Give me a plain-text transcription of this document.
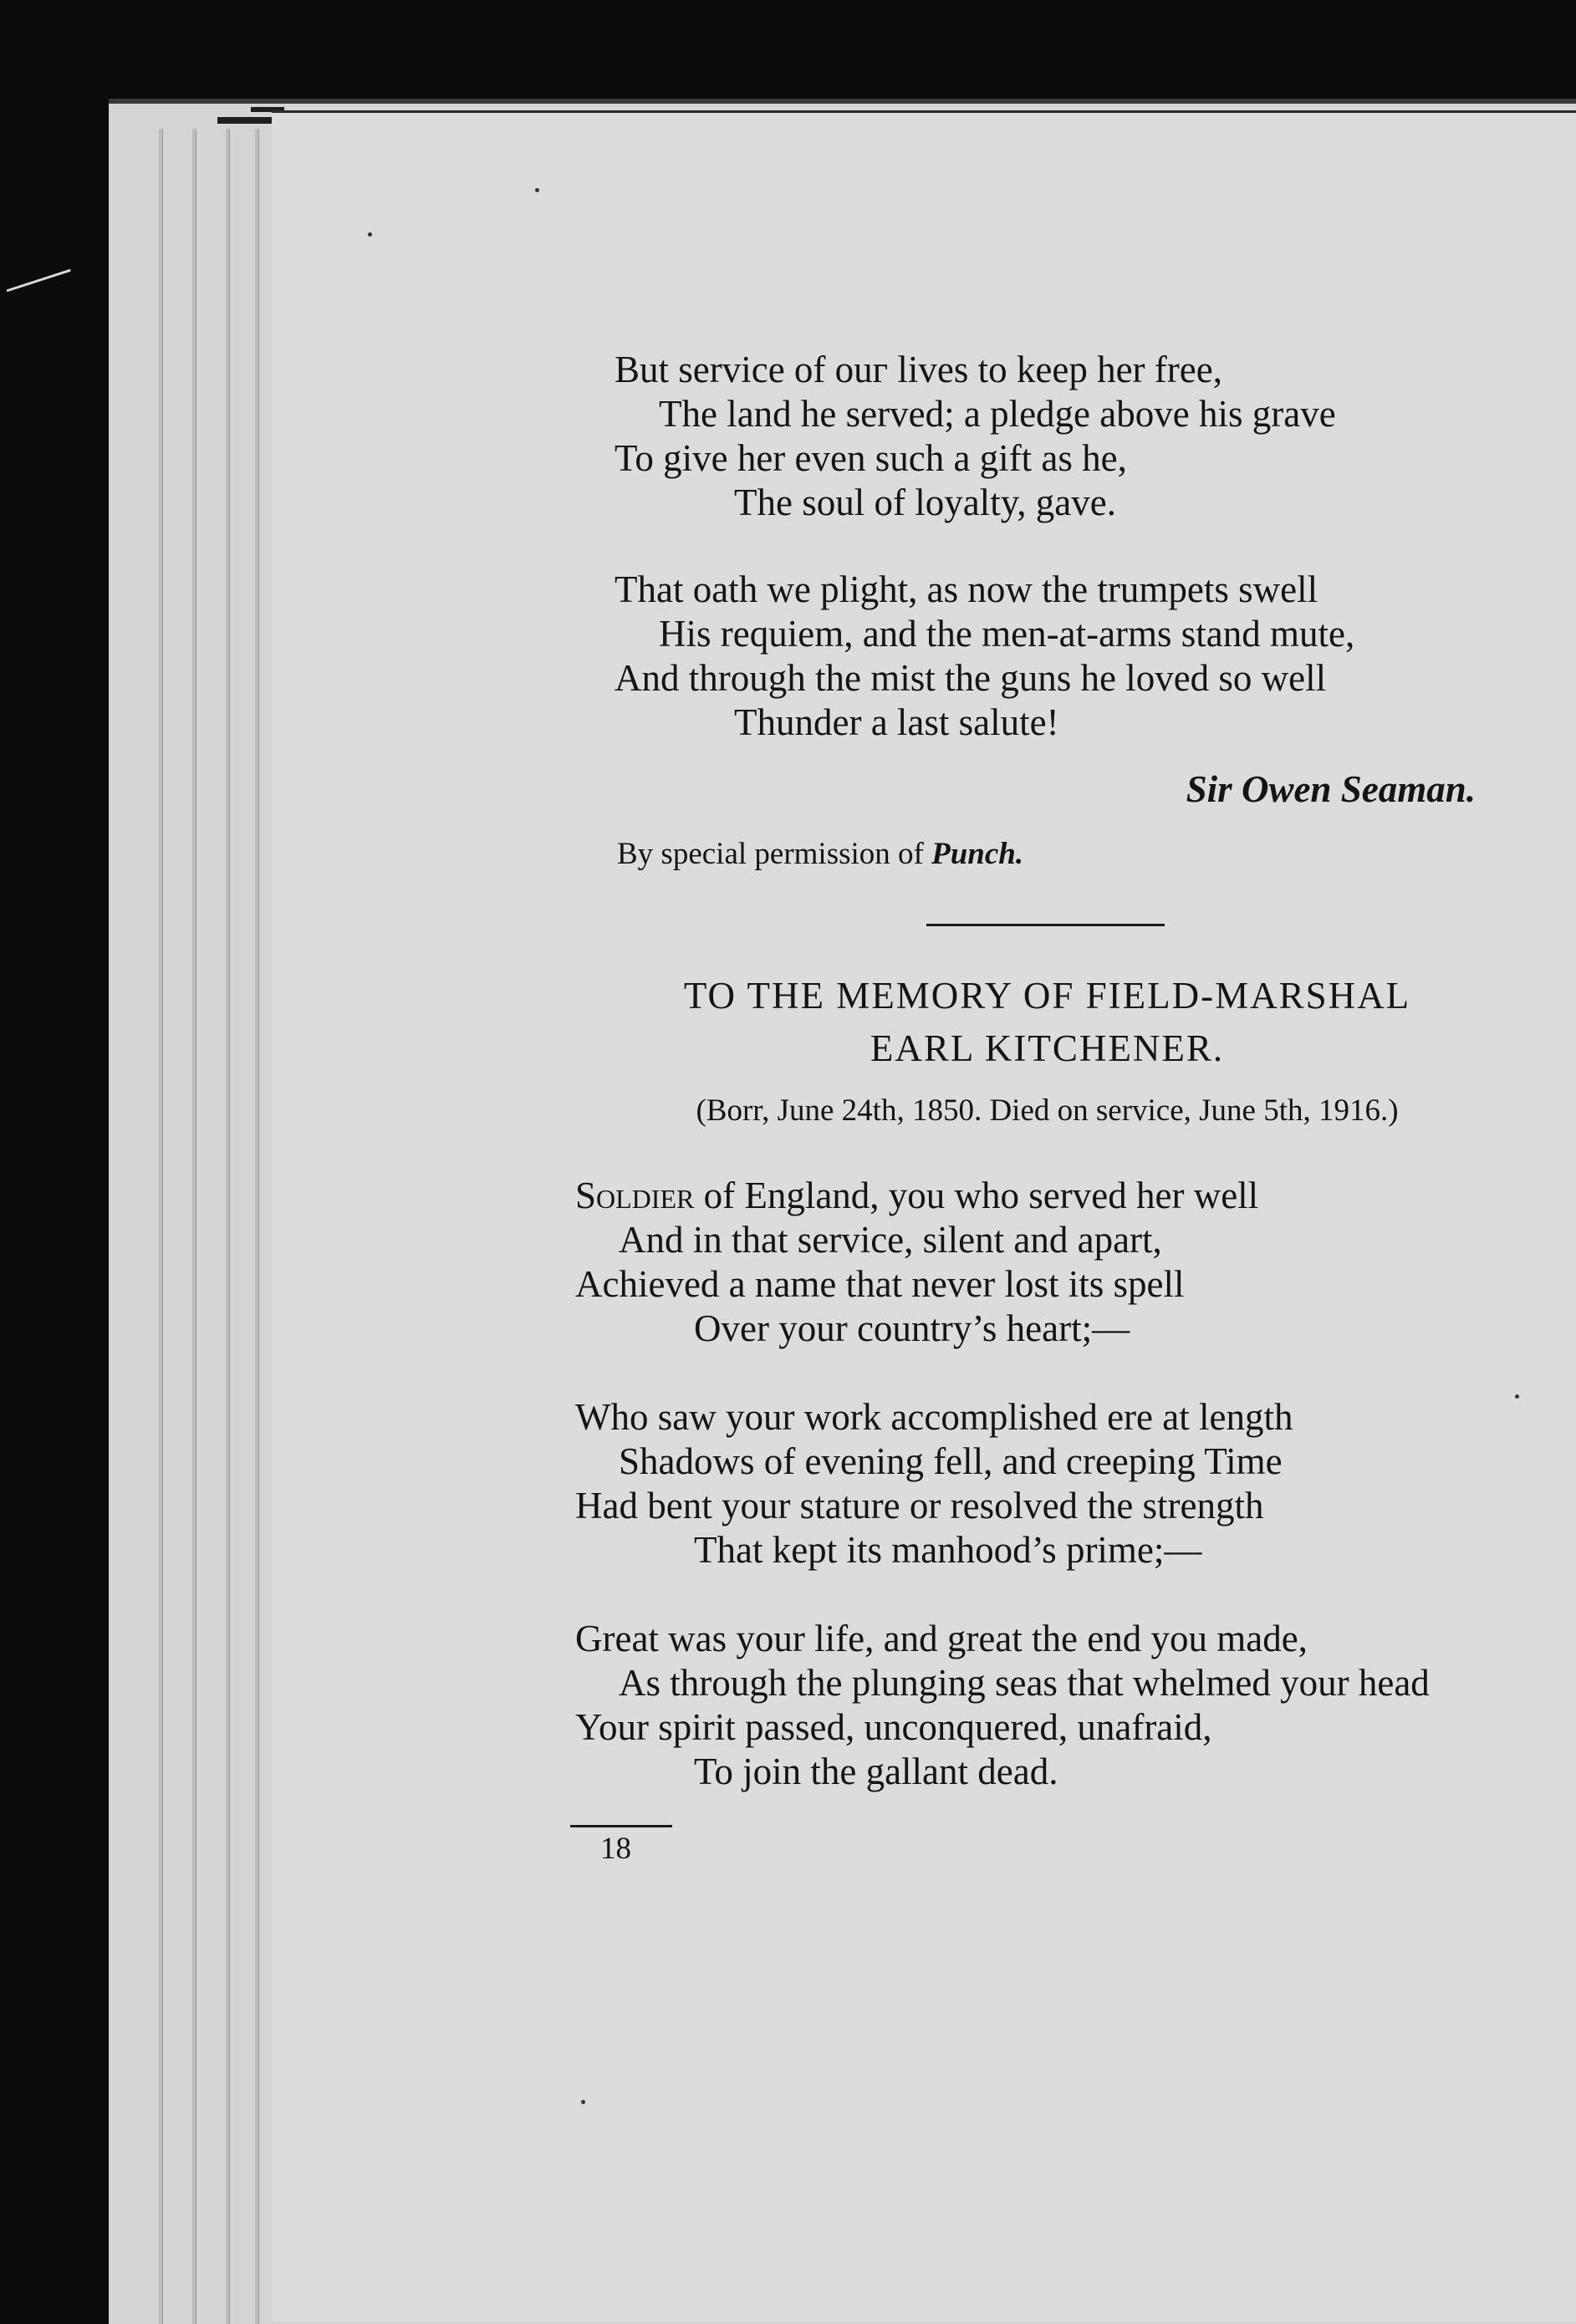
But service of ouг lives to keep her free,
The land he served; a pledge above his grave
To give her even such a gift as he,
The soul of loyalty, gave.
That oath we plight, as now the trumpets swell
His requiem, and the men-at-arms stand mute,
And through the mist the guns he loved so well
Thunder a last salute!
Sir Owen Seaman.
By special permission of Punch.
TO THE MEMORY OF FIELD-MARSHAL
EARL KITCHENER.
(Borr, June 24th, 1850. Died on service, June 5th, 1916.)
Soldier of England, you who served her well
And in that service, silent and apart,
Achieved a name that never lost its spell
Over your country’s heart;—
Who saw your work accomplished ere at length
Shadows of evening fell, and creeping Time
Had bent your stature or resolved the strength
That kept its manhood’s prime;—
Great was your life, and great the end you made,
As through the plunging seas that whelmed your head
Your spirit passed, unconquered, unafraid,
To join the gallant dead.
18
